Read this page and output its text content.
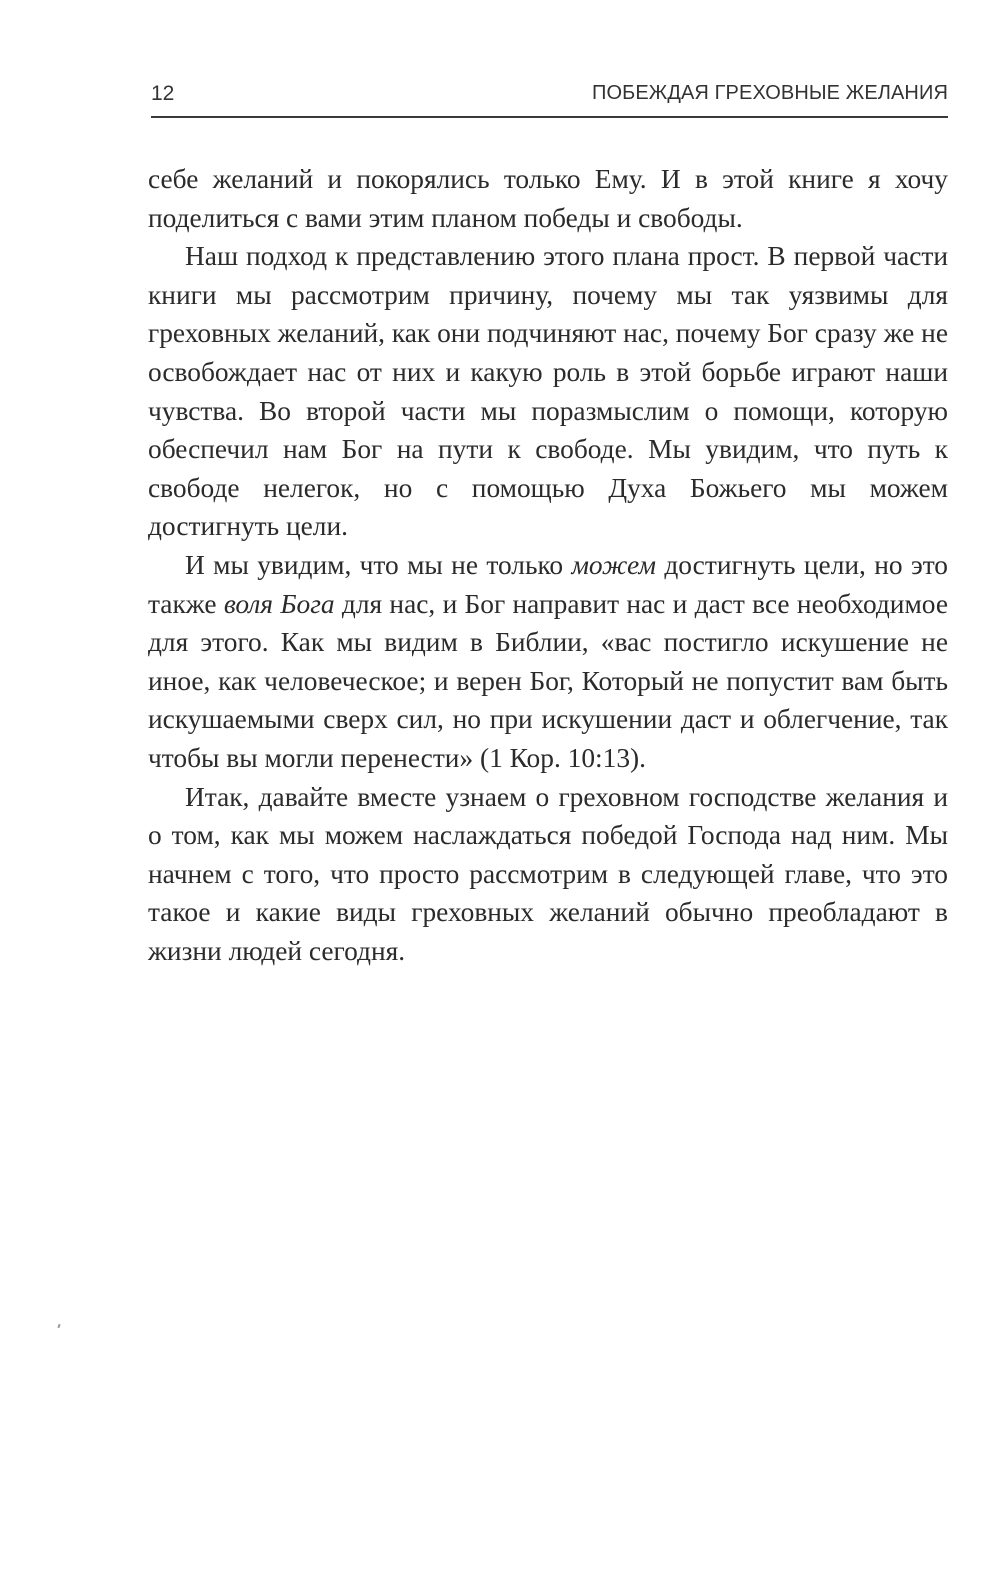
12	ПОБЕЖДАЯ ГРЕХОВНЫЕ ЖЕЛАНИЯ

себе желаний и покорялись только Ему. И в этой книге я хочу поделиться с вами этим планом победы и свободы.

Наш подход к представлению этого плана прост. В первой части книги мы рассмотрим причину, почему мы так уязвимы для греховных желаний, как они подчиняют нас, почему Бог сразу же не освобождает нас от них и какую роль в этой борьбе играют наши чувства. Во второй части мы поразмыслим о помощи, которую обеспечил нам Бог на пути к свободе. Мы увидим, что путь к свободе нелегок, но с помощью Духа Божьего мы можем достигнуть цели.

И мы увидим, что мы не только можем достигнуть цели, но это также воля Бога для нас, и Бог направит нас и даст все необходимое для этого. Как мы видим в Библии, «вас постигло искушение не иное, как человеческое; и верен Бог, Который не попустит вам быть искушаемыми сверх сил, но при искушении даст и облегчение, так чтобы вы могли перенести» (1 Кор. 10:13).

Итак, давайте вместе узнаем о греховном господстве желания и о том, как мы можем наслаждаться победой Господа над ним. Мы начнем с того, что просто рассмотрим в следующей главе, что это такое и какие виды греховных желаний обычно преобладают в жизни людей сегодня.
